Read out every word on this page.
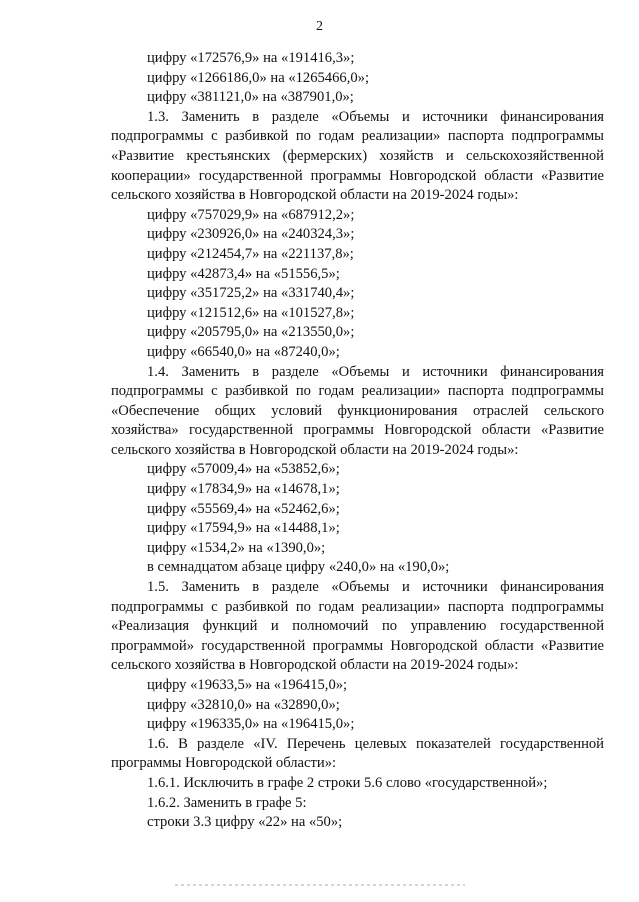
2
цифру «172576,9» на «191416,3»;
цифру «1266186,0» на «1265466,0»;
цифру «381121,0» на «387901,0»;
1.3. Заменить в разделе «Объемы и источники финансирования подпрограммы с разбивкой по годам реализации» паспорта подпрограммы «Развитие крестьянских (фермерских) хозяйств и сельскохозяйственной кооперации» государственной программы Новгородской области «Развитие сельского хозяйства в Новгородской области на 2019-2024 годы»:
цифру «757029,9» на «687912,2»;
цифру «230926,0» на «240324,3»;
цифру «212454,7» на «221137,8»;
цифру «42873,4» на «51556,5»;
цифру «351725,2» на «331740,4»;
цифру «121512,6» на «101527,8»;
цифру «205795,0» на «213550,0»;
цифру «66540,0» на «87240,0»;
1.4. Заменить в разделе «Объемы и источники финансирования подпрограммы с разбивкой по годам реализации» паспорта подпрограммы «Обеспечение общих условий функционирования отраслей сельского хозяйства» государственной программы Новгородской области «Развитие сельского хозяйства в Новгородской области на 2019-2024 годы»:
цифру «57009,4» на «53852,6»;
цифру «17834,9» на «14678,1»;
цифру «55569,4» на «52462,6»;
цифру «17594,9» на «14488,1»;
цифру «1534,2» на «1390,0»;
в семнадцатом абзаце цифру «240,0» на «190,0»;
1.5. Заменить в разделе «Объемы и источники финансирования подпрограммы с разбивкой по годам реализации» паспорта подпрограммы «Реализация функций и полномочий по управлению государственной программой» государственной программы Новгородской области «Развитие сельского хозяйства в Новгородской области на 2019-2024 годы»:
цифру «19633,5» на «196415,0»;
цифру «32810,0» на «32890,0»;
цифру «196335,0» на «196415,0»;
1.6. В разделе «IV. Перечень целевых показателей государственной программы Новгородской области»:
1.6.1. Исключить в графе 2 строки 5.6 слово «государственной»;
1.6.2. Заменить в графе 5:
строки 3.3 цифру «22» на «50»;
